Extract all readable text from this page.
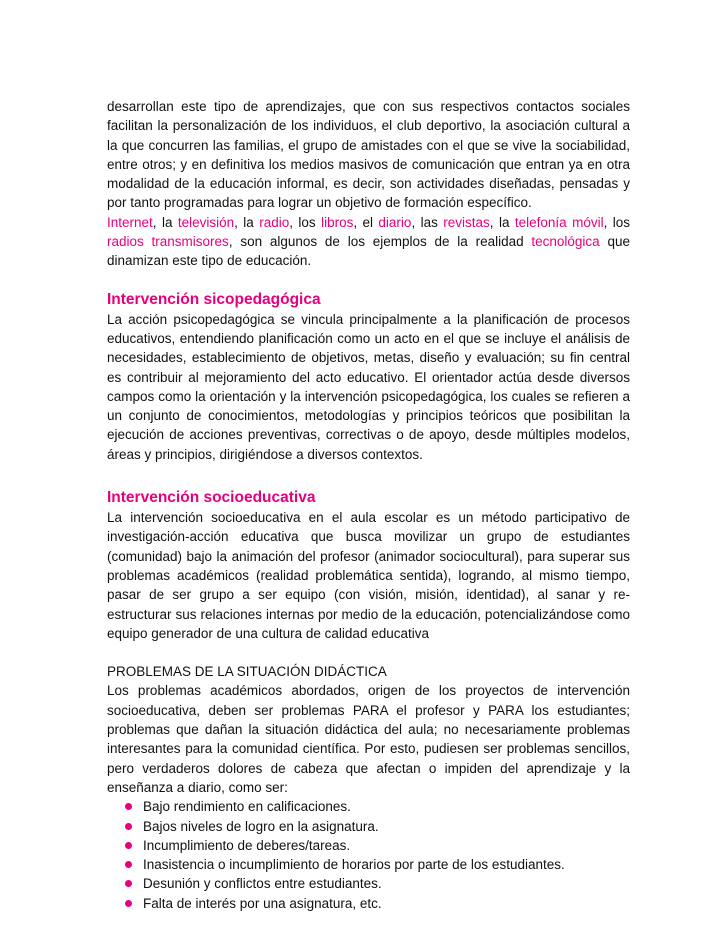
desarrollan este tipo de aprendizajes, que con sus respectivos contactos sociales facilitan la personalización de los individuos, el club deportivo, la asociación cultural a la que concurren las familias, el grupo de amistades con el que se vive la sociabilidad, entre otros; y en definitiva los medios masivos de comunicación que entran ya en otra modalidad de la educación informal, es decir, son actividades diseñadas, pensadas y por tanto programadas para lograr un objetivo de formación específico.

Internet, la televisión, la radio, los libros, el diario, las revistas, la telefonía móvil, los radios transmisores, son algunos de los ejemplos de la realidad tecnológica que dinamizan este tipo de educación.

Intervención sicopedagógica

La acción psicopedagógica se vincula principalmente a la planificación de procesos educativos, entendiendo planificación como un acto en el que se incluye el análisis de necesidades, establecimiento de objetivos, metas, diseño y evaluación; su fin central es contribuir al mejoramiento del acto educativo. El orientador actúa desde diversos campos como la orientación y la intervención psicopedagógica, los cuales se refieren a un conjunto de conocimientos, metodologías y principios teóricos que posibilitan la ejecución de acciones preventivas, correctivas o de apoyo, desde múltiples modelos, áreas y principios, dirigiéndose a diversos contextos.

Intervención socioeducativa

La intervención socioeducativa en el aula escolar es un método participativo de investigación-acción educativa que busca movilizar un grupo de estudiantes (comunidad) bajo la animación del profesor (animador sociocultural), para superar sus problemas académicos (realidad problemática sentida), logrando, al mismo tiempo, pasar de ser grupo a ser equipo (con visión, misión, identidad), al sanar y re-estructurar sus relaciones internas por medio de la educación, potencializándose como equipo generador de una cultura de calidad educativa

PROBLEMAS DE LA SITUACIÓN DIDÁCTICA

Los problemas académicos abordados, origen de los proyectos de intervención socioeducativa, deben ser problemas PARA el profesor y PARA los estudiantes; problemas que dañan la situación didáctica del aula; no necesariamente problemas interesantes para la comunidad científica. Por esto, pudiesen ser problemas sencillos, pero verdaderos dolores de cabeza que afectan o impiden del aprendizaje y la enseñanza a diario, como ser:

Bajo rendimiento en calificaciones.
Bajos niveles de logro en la asignatura.
Incumplimiento de deberes/tareas.
Inasistencia o incumplimiento de horarios por parte de los estudiantes.
Desunión y conflictos entre estudiantes.
Falta de interés por una asignatura, etc.
